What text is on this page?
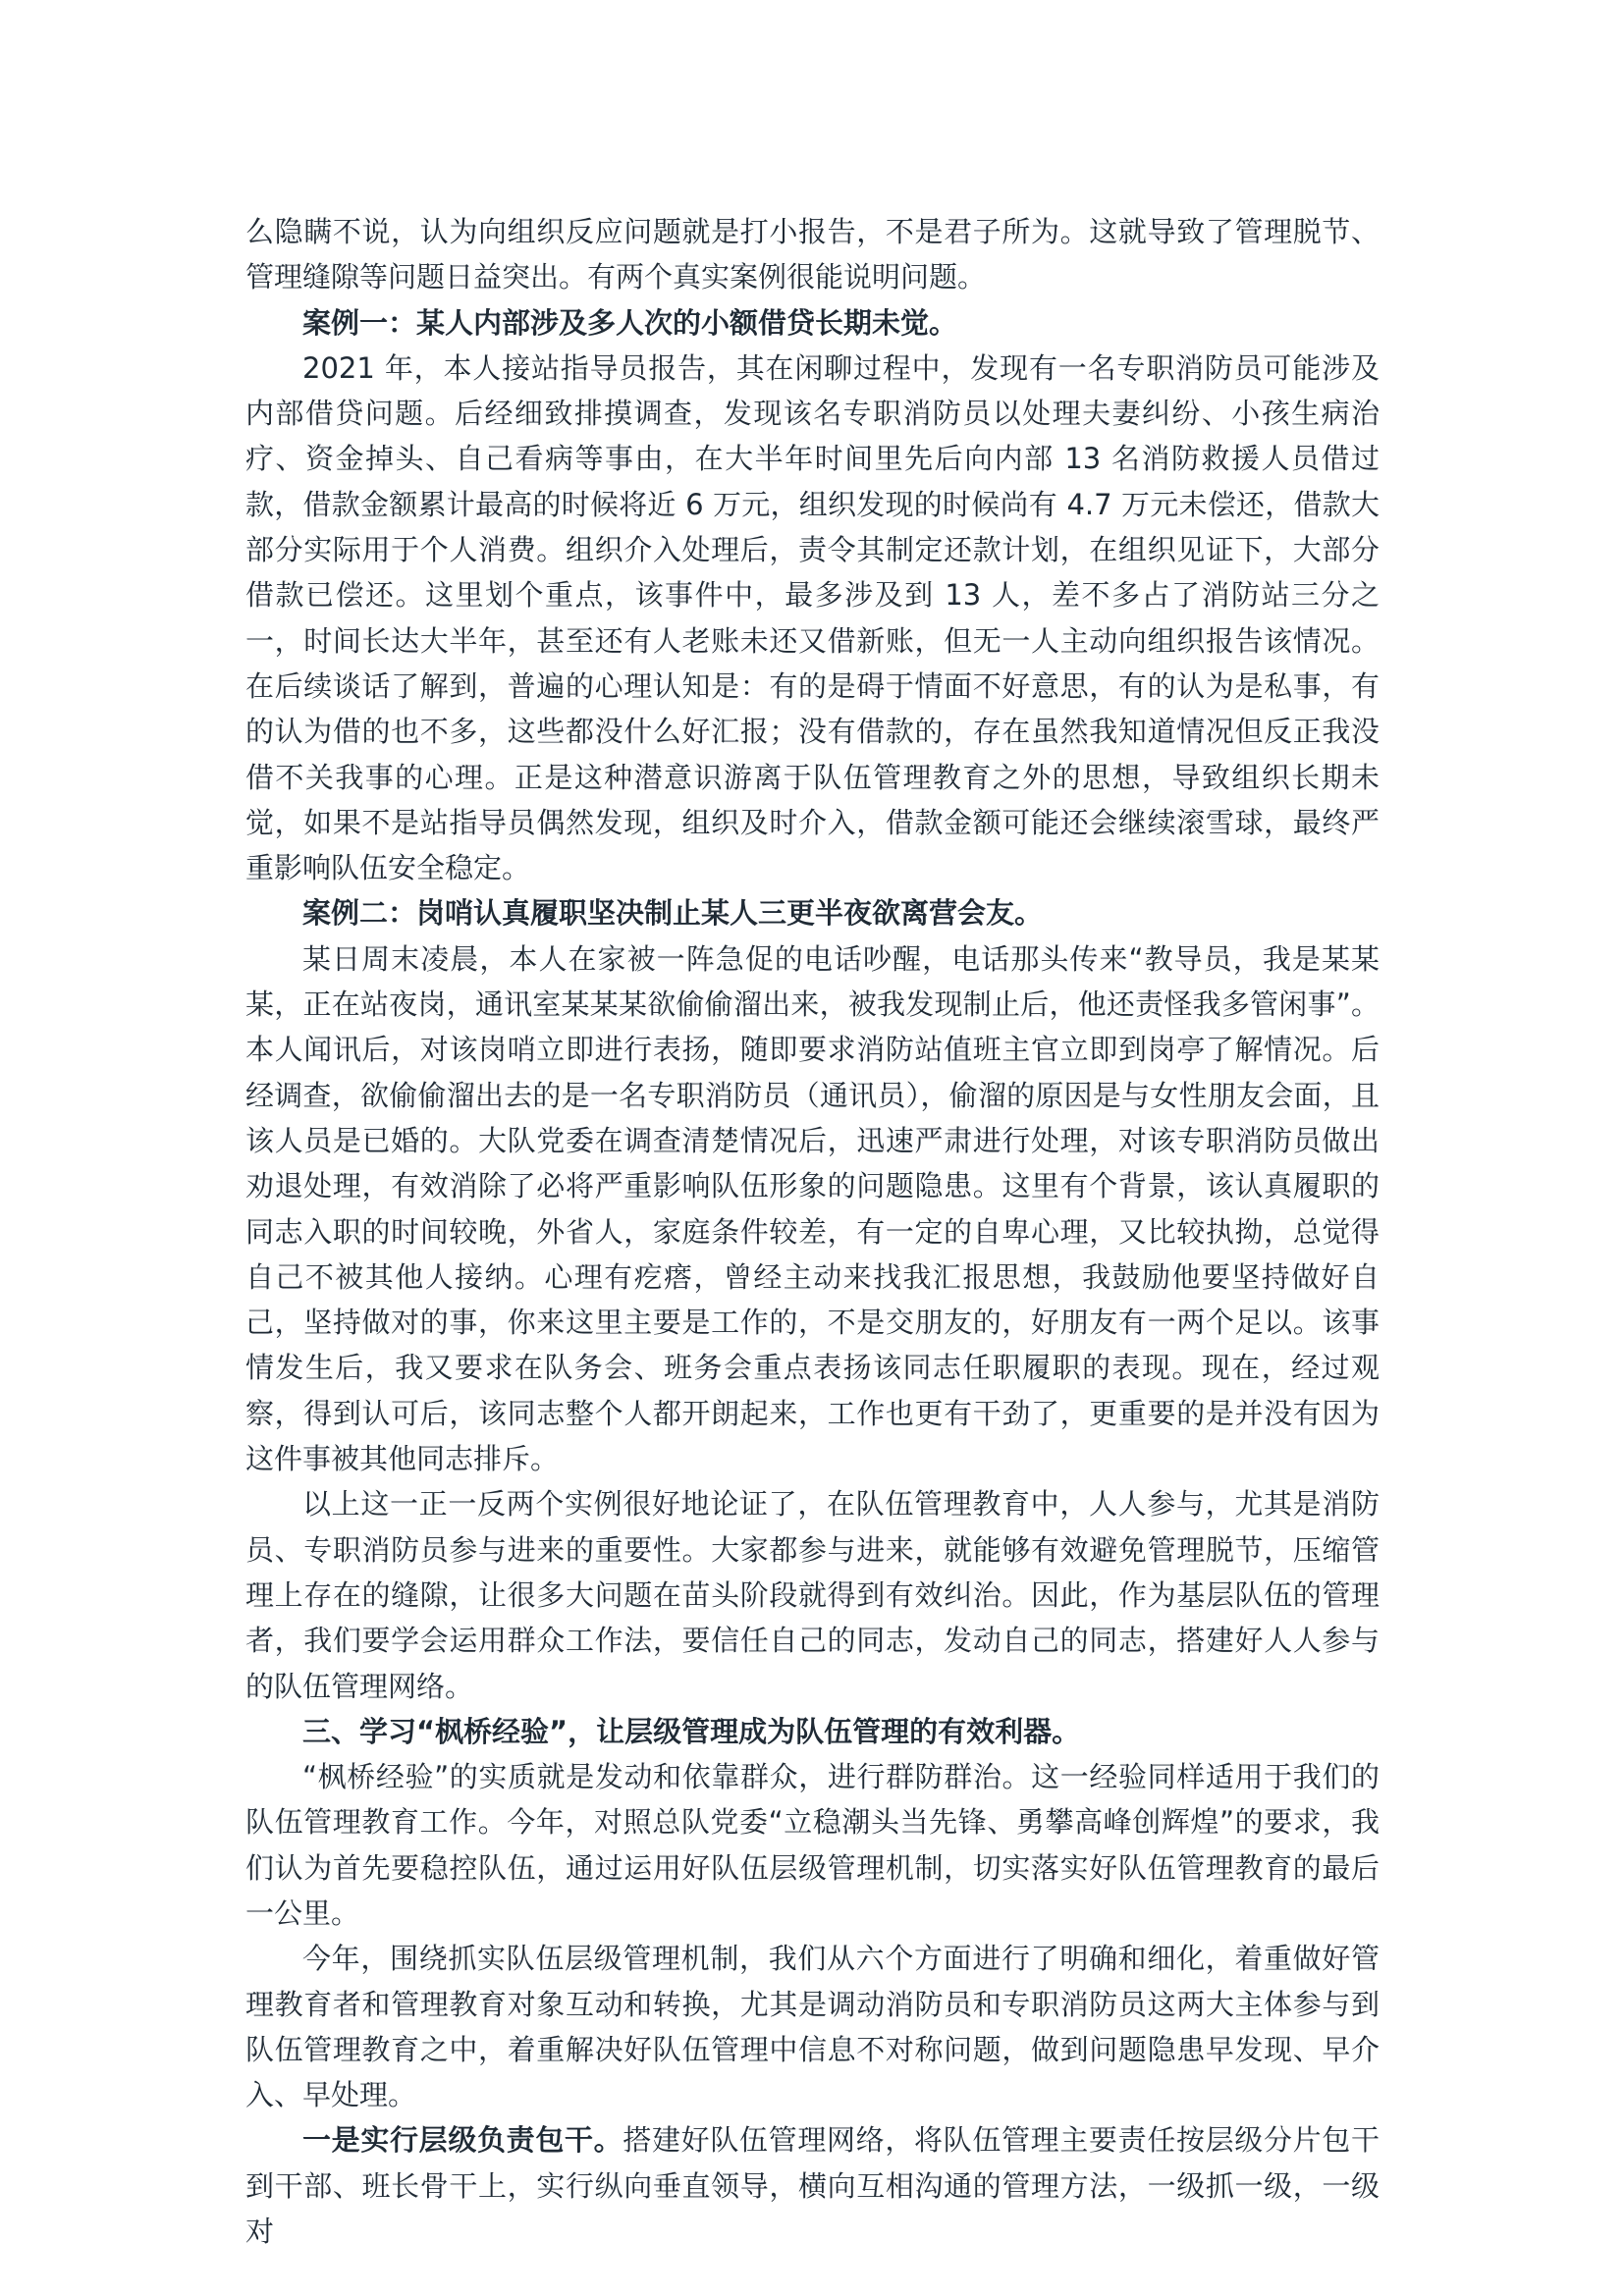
么隐瞒不说，认为向组织反应问题就是打小报告，不是君子所为。这就导致了管理脱节、管理缝隙等问题日益突出。有两个真实案例很能说明问题。

案例一：某人内部涉及多人次的小额借贷长期未觉。

2021 年，本人接站指导员报告，其在闲聊过程中，发现有一名专职消防员可能涉及内部借贷问题。后经细致排摸调查，发现该名专职消防员以处理夫妻纠纷、小孩生病治疗、资金掉头、自己看病等事由，在大半年时间里先后向内部 13 名消防救援人员借过款，借款金额累计最高的时候将近 6 万元，组织发现的时候尚有 4.7 万元未偿还，借款大部分实际用于个人消费。组织介入处理后，责令其制定还款计划，在组织见证下，大部分借款已偿还。这里划个重点，该事件中，最多涉及到 13 人，差不多占了消防站三分之一，时间长达大半年，甚至还有人老账未还又借新账，但无一人主动向组织报告该情况。在后续谈话了解到，普遍的心理认知是：有的是碍于情面不好意思，有的认为是私事，有的认为借的也不多，这些都没什么好汇报；没有借款的，存在虽然我知道情况但反正我没借不关我事的心理。正是这种潜意识游离于队伍管理教育之外的思想，导致组织长期未觉，如果不是站指导员偶然发现，组织及时介入，借款金额可能还会继续滚雪球，最终严重影响队伍安全稳定。

案例二：岗哨认真履职坚决制止某人三更半夜欲离营会友。

某日周末凌晨，本人在家被一阵急促的电话吵醒，电话那头传来“教导员，我是某某某，正在站夜岗，通讯室某某某欲偷偷溜出来，被我发现制止后，他还责怪我多管闲事”。本人闻讯后，对该岗哨立即进行表扬，随即要求消防站值班主官立即到岗亭了解情况。后经调查，欲偷偷溜出去的是一名专职消防员（通讯员），偷溜的原因是与女性朋友会面，且该人员是已婚的。大队党委在调查清楚情况后，迅速严肃进行处理，对该专职消防员做出劝退处理，有效消除了必将严重影响队伍形象的问题隐患。这里有个背景，该认真履职的同志入职的时间较晚，外省人，家庭条件较差，有一定的自卑心理，又比较执拗，总觉得自己不被其他人接纳。心理有疙瘩，曾经主动来找我汇报思想，我鼓励他要坚持做好自己，坚持做对的事，你来这里主要是工作的，不是交朋友的，好朋友有一两个足以。该事情发生后，我又要求在队务会、班务会重点表扬该同志任职履职的表现。现在，经过观察，得到认可后，该同志整个人都开朗起来，工作也更有干劲了，更重要的是并没有因为这件事被其他同志排斥。

以上这一正一反两个实例很好地论证了，在队伍管理教育中，人人参与，尤其是消防员、专职消防员参与进来的重要性。大家都参与进来，就能够有效避免管理脱节，压缩管理上存在的缝隙，让很多大问题在苗头阶段就得到有效纠治。因此，作为基层队伍的管理者，我们要学会运用群众工作法，要信任自己的同志，发动自己的同志，搭建好人人参与的队伍管理网络。

三、学习“枫桥经验”，让层级管理成为队伍管理的有效利器。

“枫桥经验”的实质就是发动和依靠群众，进行群防群治。这一经验同样适用于我们的队伍管理教育工作。今年，对照总队党委“立稳潮头当先锋、勇攀高峰创辉煌”的要求，我们认为首先要稳控队伍，通过运用好队伍层级管理机制，切实落实好队伍管理教育的最后一公里。

今年，围绕抓实队伍层级管理机制，我们从六个方面进行了明确和细化，着重做好管理教育者和管理教育对象互动和转换，尤其是调动消防员和专职消防员这两大主体参与到队伍管理教育之中，着重解决好队伍管理中信息不对称问题，做到问题隐患早发现、早介入、早处理。

一是实行层级负责包干。搭建好队伍管理网络，将队伍管理主要责任按层级分片包干到干部、班长骨干上，实行纵向垂直领导，横向互相沟通的管理方法，一级抓一级，一级对
